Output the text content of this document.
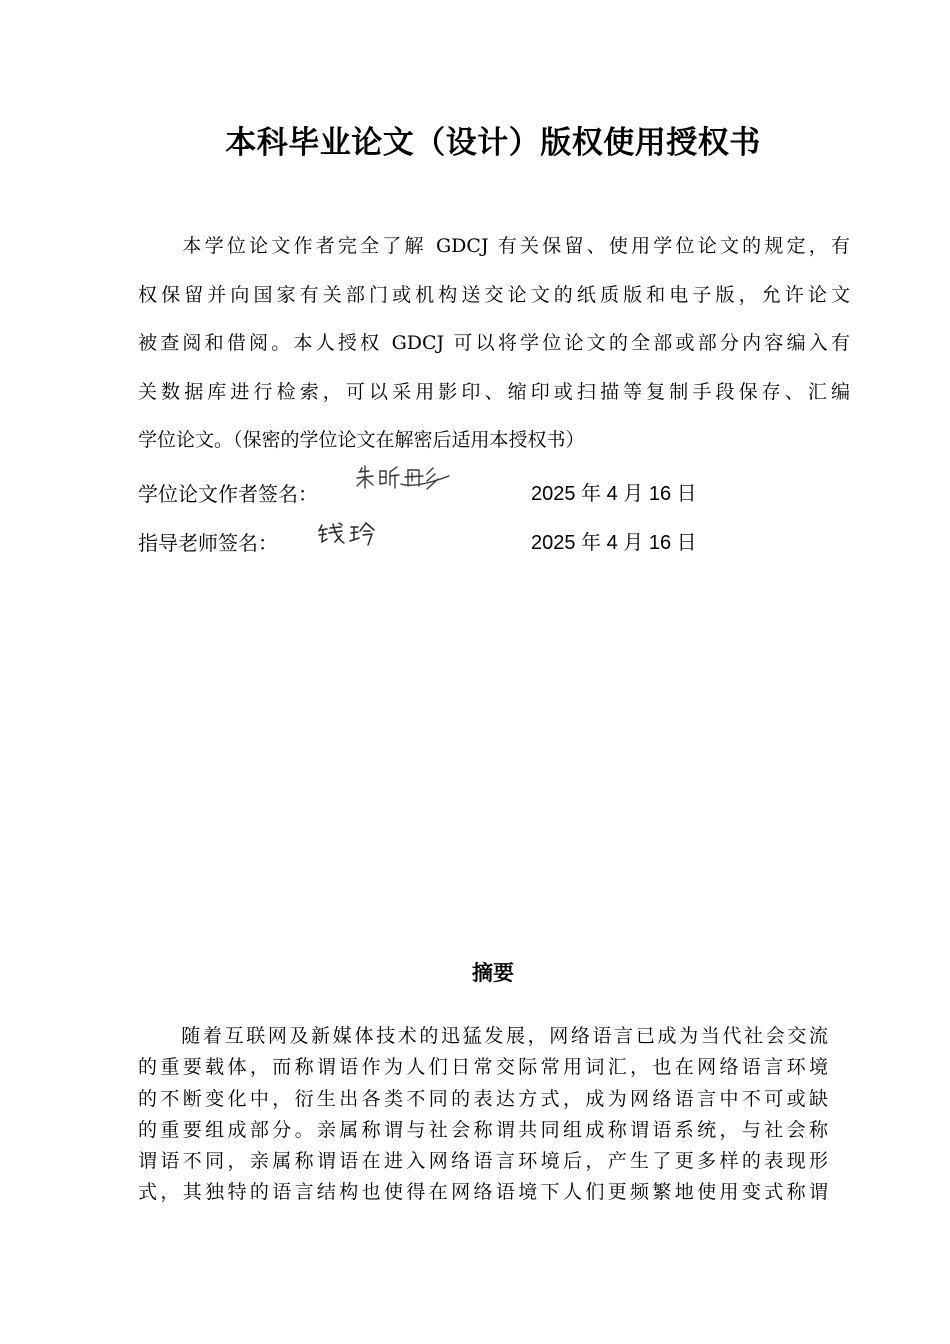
本科毕业论文（设计）版权使用授权书
　　本学位论文作者完全了解 GDCJ 有关保留、使用学位论文的规定，有
权保留并向国家有关部门或机构送交论文的纸质版和电子版，允许论文
被查阅和借阅。本人授权 GDCJ 可以将学位论文的全部或部分内容编入有
关数据库进行检索，可以采用影印、缩印或扫描等复制手段保存、汇编
学位论文。（保密的学位论文在解密后适用本授权书）
学位论文作者签名：	2025 年 4 月 16 日
指导老师签名：	2025 年 4 月 16 日
摘要
　　随着互联网及新媒体技术的迅猛发展，网络语言已成为当代社会交流
的重要载体，而称谓语作为人们日常交际常用词汇，也在网络语言环境
的不断变化中，衍生出各类不同的表达方式，成为网络语言中不可或缺
的重要组成部分。亲属称谓与社会称谓共同组成称谓语系统，与社会称
谓语不同，亲属称谓语在进入网络语言环境后，产生了更多样的表现形
式，其独特的语言结构也使得在网络语境下人们更频繁地使用变式称谓
